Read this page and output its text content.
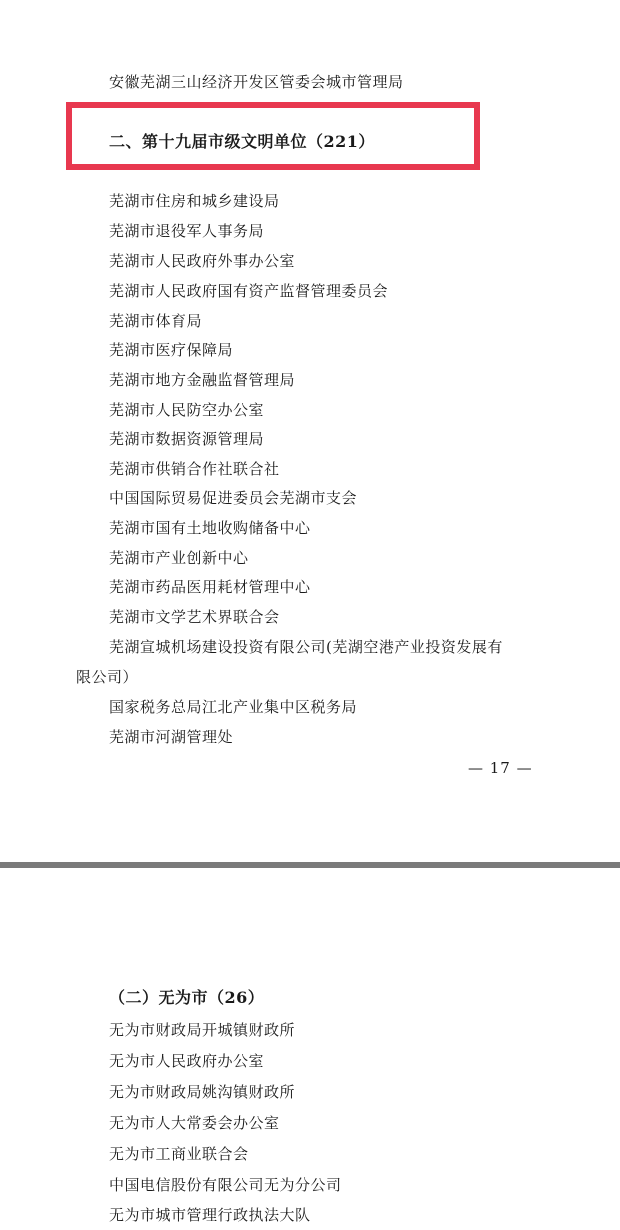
安徽芜湖三山经济开发区管委会城市管理局
二、第十九届市级文明单位（221）
芜湖市住房和城乡建设局
芜湖市退役军人事务局
芜湖市人民政府外事办公室
芜湖市人民政府国有资产监督管理委员会
芜湖市体育局
芜湖市医疗保障局
芜湖市地方金融监督管理局
芜湖市人民防空办公室
芜湖市数据资源管理局
芜湖市供销合作社联合社
中国国际贸易促进委员会芜湖市支会
芜湖市国有土地收购储备中心
芜湖市产业创新中心
芜湖市药品医用耗材管理中心
芜湖市文学艺术界联合会
芜湖宣城机场建设投资有限公司(芜湖空港产业投资发展有
限公司）
国家税务总局江北产业集中区税务局
芜湖市河湖管理处
— 17 —
（二）无为市（26）
无为市财政局开城镇财政所
无为市人民政府办公室
无为市财政局姚沟镇财政所
无为市人大常委会办公室
无为市工商业联合会
中国电信股份有限公司无为分公司
无为市城市管理行政执法大队
